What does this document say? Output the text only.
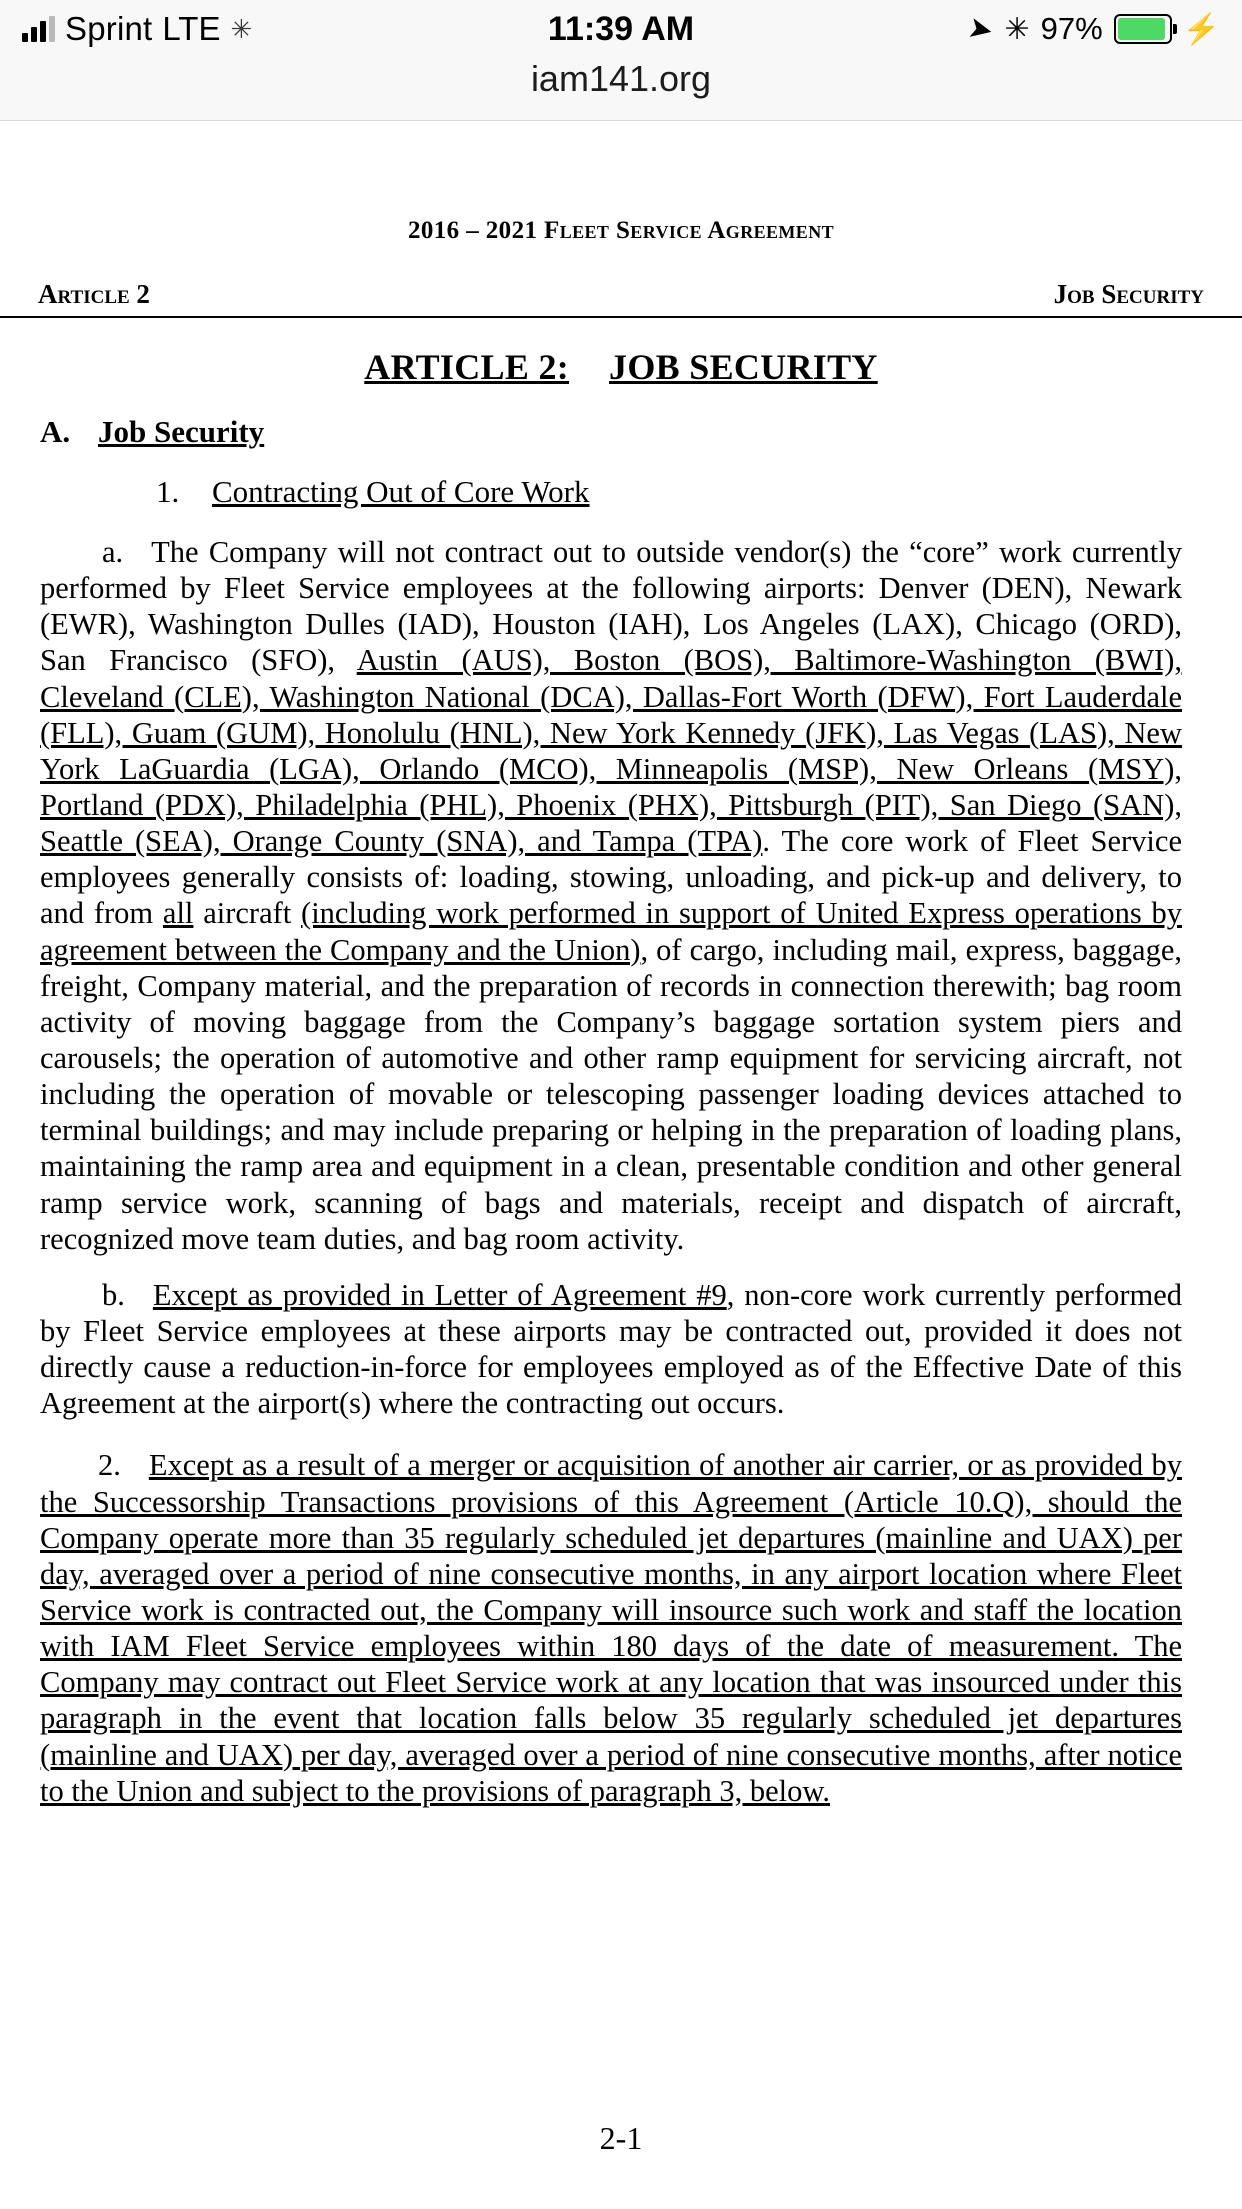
Sprint LTE ✳	11:39 AM	➤ ✳ 97%	⚡
iam141.org
2016 – 2021 Fleet Service Agreement
Article 2	Job Security
ARTICLE 2: JOB SECURITY
A. Job Security
1.	Contracting Out of Core Work

a. The Company will not contract out to outside vendor(s) the “core” work currently performed by Fleet Service employees at the following airports: Denver (DEN), Newark (EWR), Washington Dulles (IAD), Houston (IAH), Los Angeles (LAX), Chicago (ORD), San Francisco (SFO), Austin (AUS), Boston (BOS), Baltimore-Washington (BWI), Cleveland (CLE), Washington National (DCA), Dallas-Fort Worth (DFW), Fort Lauderdale (FLL), Guam (GUM), Honolulu (HNL), New York Kennedy (JFK), Las Vegas (LAS), New York LaGuardia (LGA), Orlando (MCO), Minneapolis (MSP), New Orleans (MSY), Portland (PDX), Philadelphia (PHL), Phoenix (PHX), Pittsburgh (PIT), San Diego (SAN), Seattle (SEA), Orange County (SNA), and Tampa (TPA). The core work of Fleet Service employees generally consists of: loading, stowing, unloading, and pick-up and delivery, to and from all aircraft (including work performed in support of United Express operations by agreement between the Company and the Union), of cargo, including mail, express, baggage, freight, Company material, and the preparation of records in connection therewith; bag room activity of moving baggage from the Company’s baggage sortation system piers and carousels; the operation of automotive and other ramp equipment for servicing aircraft, not including the operation of movable or telescoping passenger loading devices attached to terminal buildings; and may include preparing or helping in the preparation of loading plans, maintaining the ramp area and equipment in a clean, presentable condition and other general ramp service work, scanning of bags and materials, receipt and dispatch of aircraft, recognized move team duties, and bag room activity.

b. Except as provided in Letter of Agreement #9, non-core work currently performed by Fleet Service employees at these airports may be contracted out, provided it does not directly cause a reduction-in-force for employees employed as of the Effective Date of this Agreement at the airport(s) where the contracting out occurs.

2. Except as a result of a merger or acquisition of another air carrier, or as provided by the Successorship Transactions provisions of this Agreement (Article 10.Q), should the Company operate more than 35 regularly scheduled jet departures (mainline and UAX) per day, averaged over a period of nine consecutive months, in any airport location where Fleet Service work is contracted out, the Company will insource such work and staff the location with IAM Fleet Service employees within 180 days of the date of measurement. The Company may contract out Fleet Service work at any location that was insourced under this paragraph in the event that location falls below 35 regularly scheduled jet departures (mainline and UAX) per day, averaged over a period of nine consecutive months, after notice to the Union and subject to the provisions of paragraph 3, below.

2-1
